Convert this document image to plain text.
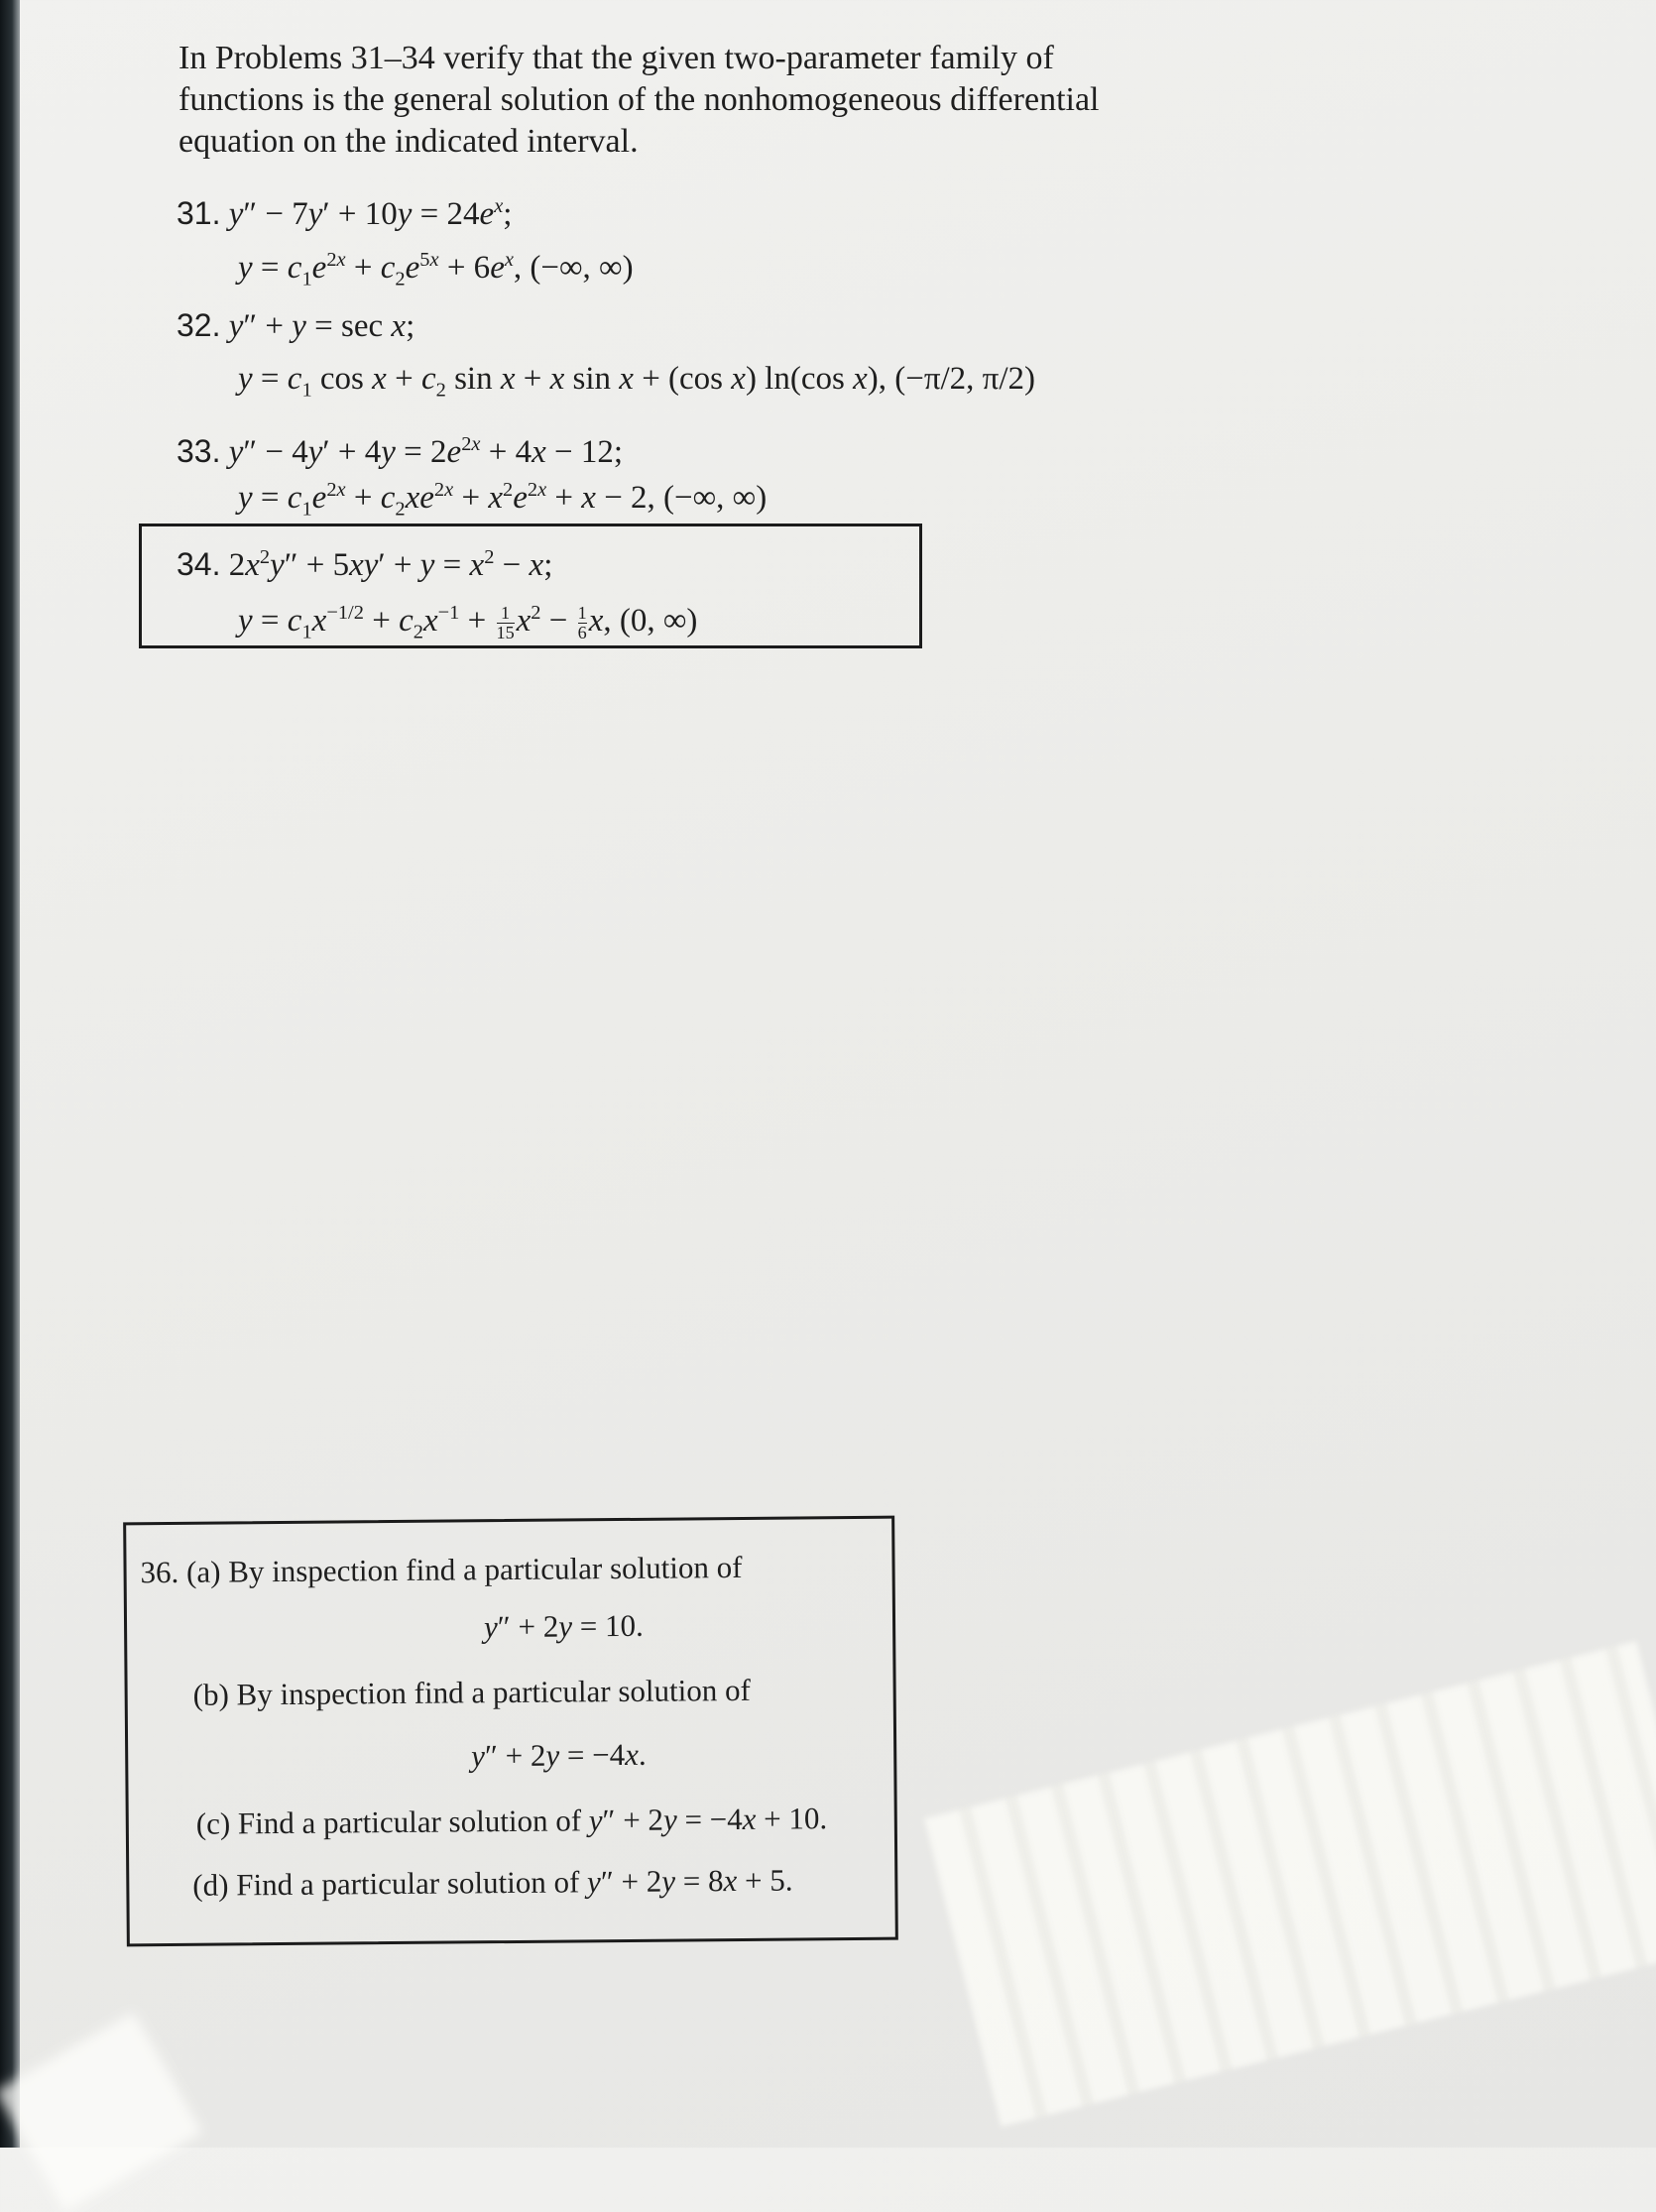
In Problems 31–34 verify that the given two-parameter family of functions is the general solution of the nonhomogeneous differential equation on the indicated interval.
31. $y'' - 7y' + 10y = 24e^x$;
$y = c_1e^{2x} + c_2e^{5x} + 6e^x$, (−∞, ∞)
32. y″ + y = sec x;
$y = c_1$ $\cos x + c_2$ sin x + x sin x + (cos x) ln(cos x), (−π/2, π/2)
33. $y'' - 4y' + 4y = 2e^{2x} + 4x - 12$;
$y = c_1e^{2x} + c_2xe^{2x} + x^2e^{2x} + x - 2$, (−∞, ∞)
34. $2x^2y'' + 5xy' + y = x^2 - x$;
$y = c_1x^{-1/2} + c_2x^{-1} + \frac{1}{15} x^2 - \frac{1}{6} x$, (0, ∞)
36. (a) By inspection find a particular solution of
y″ + 2y = 10.
(b) By inspection find a particular solution of
y″ + 2y = −4x.
(c) Find a particular solution of y″ + 2y = −4x + 10.
(d) Find a particular solution of y″ + 2y = 8x + 5.
